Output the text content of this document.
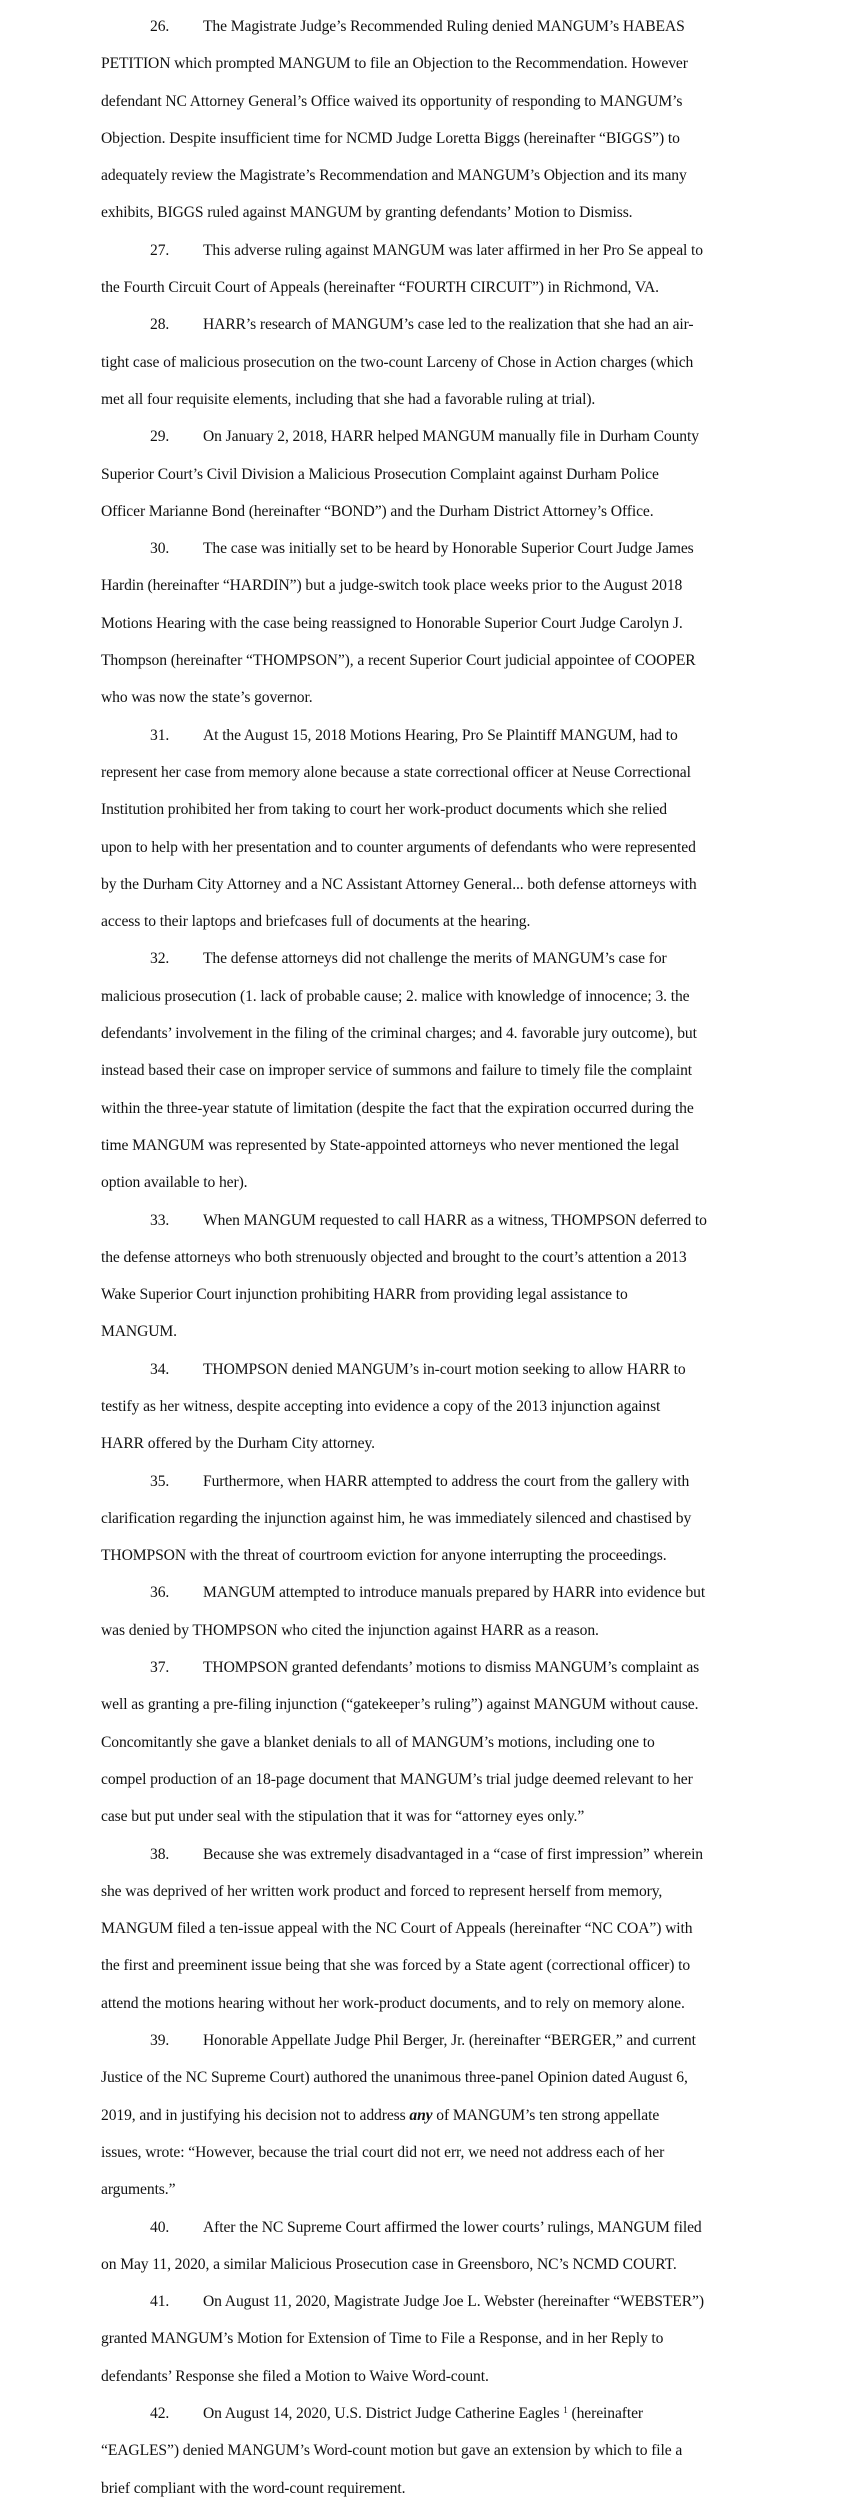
26. The Magistrate Judge’s Recommended Ruling denied MANGUM’s HABEAS
PETITION which prompted MANGUM to file an Objection to the Recommendation. However
defendant NC Attorney General’s Office waived its opportunity of responding to MANGUM’s
Objection. Despite insufficient time for NCMD Judge Loretta Biggs (hereinafter “BIGGS”) to
adequately review the Magistrate’s Recommendation and MANGUM’s Objection and its many
exhibits, BIGGS ruled against MANGUM by granting defendants’ Motion to Dismiss.
27. This adverse ruling against MANGUM was later affirmed in her Pro Se appeal to
the Fourth Circuit Court of Appeals (hereinafter “FOURTH CIRCUIT”) in Richmond, VA.
28. HARR’s research of MANGUM’s case led to the realization that she had an air-
tight case of malicious prosecution on the two-count Larceny of Chose in Action charges (which
met all four requisite elements, including that she had a favorable ruling at trial).
29. On January 2, 2018, HARR helped MANGUM manually file in Durham County
Superior Court’s Civil Division a Malicious Prosecution Complaint against Durham Police
Officer Marianne Bond (hereinafter “BOND”) and the Durham District Attorney’s Office.
30. The case was initially set to be heard by Honorable Superior Court Judge James
Hardin (hereinafter “HARDIN”) but a judge-switch took place weeks prior to the August 2018
Motions Hearing with the case being reassigned to Honorable Superior Court Judge Carolyn J.
Thompson (hereinafter “THOMPSON”), a recent Superior Court judicial appointee of COOPER
who was now the state’s governor.
31. At the August 15, 2018 Motions Hearing, Pro Se Plaintiff MANGUM, had to
represent her case from memory alone because a state correctional officer at Neuse Correctional
Institution prohibited her from taking to court her work-product documents which she relied
upon to help with her presentation and to counter arguments of defendants who were represented
by the Durham City Attorney and a NC Assistant Attorney General... both defense attorneys with
access to their laptops and briefcases full of documents at the hearing.
32. The defense attorneys did not challenge the merits of MANGUM’s case for
malicious prosecution (1. lack of probable cause; 2. malice with knowledge of innocence; 3. the
defendants’ involvement in the filing of the criminal charges; and 4. favorable jury outcome), but
instead based their case on improper service of summons and failure to timely file the complaint
within the three-year statute of limitation (despite the fact that the expiration occurred during the
time MANGUM was represented by State-appointed attorneys who never mentioned the legal
option available to her).
33. When MANGUM requested to call HARR as a witness, THOMPSON deferred to
the defense attorneys who both strenuously objected and brought to the court’s attention a 2013
Wake Superior Court injunction prohibiting HARR from providing legal assistance to
MANGUM.
34. THOMPSON denied MANGUM’s in-court motion seeking to allow HARR to
testify as her witness, despite accepting into evidence a copy of the 2013 injunction against
HARR offered by the Durham City attorney.
35. Furthermore, when HARR attempted to address the court from the gallery with
clarification regarding the injunction against him, he was immediately silenced and chastised by
THOMPSON with the threat of courtroom eviction for anyone interrupting the proceedings.
36. MANGUM attempted to introduce manuals prepared by HARR into evidence but
was denied by THOMPSON who cited the injunction against HARR as a reason.
37. THOMPSON granted defendants’ motions to dismiss MANGUM’s complaint as
well as granting a pre-filing injunction (“gatekeeper’s ruling”) against MANGUM without cause.
Concomitantly she gave a blanket denials to all of MANGUM’s motions, including one to
compel production of an 18-page document that MANGUM’s trial judge deemed relevant to her
case but put under seal with the stipulation that it was for “attorney eyes only.”
38. Because she was extremely disadvantaged in a “case of first impression” wherein
she was deprived of her written work product and forced to represent herself from memory,
MANGUM filed a ten-issue appeal with the NC Court of Appeals (hereinafter “NC COA”) with
the first and preeminent issue being that she was forced by a State agent (correctional officer) to
attend the motions hearing without her work-product documents, and to rely on memory alone.
39. Honorable Appellate Judge Phil Berger, Jr. (hereinafter “BERGER,” and current
Justice of the NC Supreme Court) authored the unanimous three-panel Opinion dated August 6,
2019, and in justifying his decision not to address any of MANGUM’s ten strong appellate
issues, wrote: “However, because the trial court did not err, we need not address each of her
arguments.”
40. After the NC Supreme Court affirmed the lower courts’ rulings, MANGUM filed
on May 11, 2020, a similar Malicious Prosecution case in Greensboro, NC’s NCMD COURT.
41. On August 11, 2020, Magistrate Judge Joe L. Webster (hereinafter “WEBSTER”)
granted MANGUM’s Motion for Extension of Time to File a Response, and in her Reply to
defendants’ Response she filed a Motion to Waive Word-count.
42. On August 14, 2020, U.S. District Judge Catherine Eagles $^1$ (hereinafter
“EAGLES”) denied MANGUM’s Word-count motion but gave an extension by which to file a
brief compliant with the word-count requirement.
